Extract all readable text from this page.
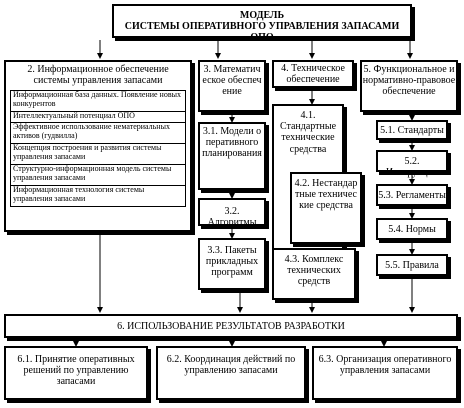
МОДЕЛЬ
СИСТЕМЫ ОПЕРАТИВНОГО УПРАВЛЕНИЯ ЗАПАСАМИ ОПО
2. Информационное обеспечение системы управления запасами
Информационная база данных. Появление новых конкурентов
Интеллектуальный потенциал ОПО
Эффективное использование нематериальных активов (гудвилла)
Концепция построения и развития системы управления запасами
Структурно-информационная модель системы управления запасами
Информационная технология системы управления запасами
3. Математическое обеспечение
3.1. Модели оперативного планирования
3.2. Алгоритмы
3.3. Пакеты прикладных программ
4. Техническое обеспечение
4.1. Стандартные технические средства
4.2. Нестандартные технические средства
4.3. Комплекс технических средств
5. Функциональное и нормативно-правовое обеспечение
5.1. Стандарты
5.2. Инструкции
5.3. Регламенты
5.4. Нормы
5.5. Правила
6. ИСПОЛЬЗОВАНИЕ РЕЗУЛЬТАТОВ РАЗРАБОТКИ
6.1. Принятие оперативных решений по управлению запасами
6.2. Координация действий по управлению запасами
6.3. Организация оперативного управления запасами
